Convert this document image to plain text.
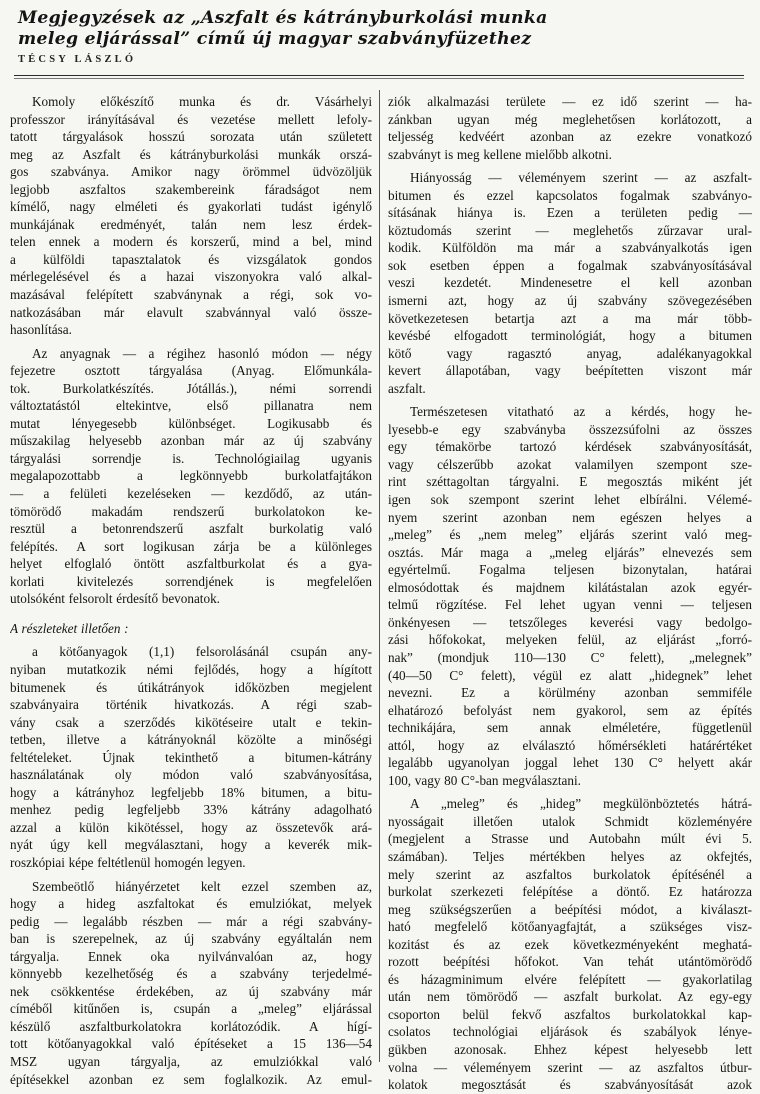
Megjegyzések az „Aszfalt és kátrányburkolási munka
meleg eljárással” című új magyar szabványfüzethez
TÉCSY LÁSZLÓ
Komoly előkészítő munka és dr. Vásárhelyi
professzor irányításával és vezetése mellett lefoly-
tatott tárgyalások hosszú sorozata után született
meg az Aszfalt és kátrányburkolási munkák orszá-
gos szabványa. Amikor nagy örömmel üdvözöljük
legjobb aszfaltos szakembereink fáradságot nem
kímélő, nagy elméleti és gyakorlati tudást igénylő
munkájának eredményét, talán nem lesz érdek-
telen ennek a modern és korszerű, mind a bel, mind
a külföldi tapasztalatok és vizsgálatok gondos
mérlegelésével és a hazai viszonyokra való alkal-
mazásával felépített szabványnak a régi, sok vo-
natkozásában már elavult szabvánnyal való össze-
hasonlítása.
Az anyagnak — a régihez hasonló módon — négy
fejezetre osztott tárgyalása (Anyag. Előmunkála-
tok. Burkolatkészítés. Jótállás.), némi sorrendi
változtatástól eltekintve, első pillanatra nem
mutat lényegesebb különbséget. Logikusabb és
műszakilag helyesebb azonban már az új szabvány
tárgyalási sorrendje is. Technológiailag ugyanis
megalapozottabb a legkönnyebb burkolatfajtákon
— a felületi kezeléseken — kezdődő, az után-
tömörödő makadám rendszerű burkolatokon ke-
resztül a betonrendszerű aszfalt burkolatig való
felépítés. A sort logikusan zárja be a különleges
helyet elfoglaló öntött aszfaltburkolat és a gya-
korlati kivitelezés sorrendjének is megfelelően
utolsóként felsorolt érdesítő bevonatok.
A részleteket illetően :
a kötőanyagok (1,1) felsorolásánál csupán any-
nyiban mutatkozik némi fejlődés, hogy a hígított
bitumenek és útikátrányok időközben megjelent
szabványaira történik hivatkozás. A régi szab-
vány csak a szerződés kikötéseire utalt e tekin-
tetben, illetve a kátrányoknál közölte a minőségi
feltételeket. Újnak tekinthető a bitumen-kátrány
használatának oly módon való szabványosítása,
hogy a kátrányhoz legfeljebb 18% bitumen, a bitu-
menhez pedig legfeljebb 33% kátrány adagolható
azzal a külön kikötéssel, hogy az összetevők ará-
nyát úgy kell megválasztani, hogy a keverék mik-
roszkópiai képe feltétlenül homogén legyen.
Szembeötlő hiányérzetet kelt ezzel szemben az,
hogy a hideg aszfaltokat és emulziókat, melyek
pedig — legalább részben — már a régi szabvány-
ban is szerepelnek, az új szabvány egyáltalán nem
tárgyalja. Ennek oka nyilvánvalóan az, hogy
könnyebb kezelhetőség és a szabvány terjedelmé-
nek csökkentése érdekében, az új szabvány már
címéből kitűnően is, csupán a „meleg” eljárással
készülő aszfaltburkolatokra korlátozódik. A hígí-
tott kötőanyagokkal való építéseket a 15 136—54
MSZ ugyan tárgyalja, az emulziókkal való
építésekkel azonban ez sem foglalkozik. Az emul-
ziók alkalmazási területe — ez idő szerint — ha-
zánkban ugyan még meglehetősen korlátozott, a
teljesség kedvéért azonban az ezekre vonatkozó
szabványt is meg kellene mielőbb alkotni.
Hiányosság — véleményem szerint — az aszfalt-
bitumen és ezzel kapcsolatos fogalmak szabványo-
sításának hiánya is. Ezen a területen pedig —
köztudomás szerint — meglehetős zűrzavar ural-
kodik. Külföldön ma már a szabványalkotás igen
sok esetben éppen a fogalmak szabványosításával
veszi kezdetét. Mindenesetre el kell azonban
ismerni azt, hogy az új szabvány szövegezésében
következetesen betartja azt a ma már több-
kevésbé elfogadott terminológiát, hogy a bitumen
kötő vagy ragasztó anyag, adalékanyagokkal
kevert állapotában, vagy beépítetten viszont már
aszfalt.
Természetesen vitatható az a kérdés, hogy he-
lyesebb-e egy szabványba összezsúfolni az összes
egy témakörbe tartozó kérdések szabványosítását,
vagy célszerűbb azokat valamilyen szempont sze-
rint széttagoltan tárgyalni. E megosztás miként jét
igen sok szempont szerint lehet elbírálni. Vélemé-
nyem szerint azonban nem egészen helyes a
„meleg” és „nem meleg” eljárás szerint való meg-
osztás. Már maga a „meleg eljárás” elnevezés sem
egyértelmű. Fogalma teljesen bizonytalan, határai
elmosódottak és majdnem kilátástalan azok egyér-
telmű rögzítése. Fel lehet ugyan venni — teljesen
önkényesen — tetszőleges keverési vagy bedolgo-
zási hőfokokat, melyeken felül, az eljárást „forró-
nak” (mondjuk 110—130 C° felett), „melegnek”
(40—50 C° felett), végül ez alatt „hidegnek” lehet
nevezni. Ez a körülmény azonban semmiféle
elhatározó befolyást nem gyakorol, sem az építés
technikájára, sem annak elméletére, függetlenül
attól, hogy az elválasztó hőmérsékleti határértéket
legalább ugyanolyan joggal lehet 130 C° helyett akár
100, vagy 80 C°-ban megválasztani.
A „meleg” és „hideg” megkülönböztetés hátrá-
nyosságait illetően utalok Schmidt közleményére
(megjelent a Strasse und Autobahn múlt évi 5.
számában). Teljes mértékben helyes az okfejtés,
mely szerint az aszfaltos burkolatok építésénél a
burkolat szerkezeti felépítése a döntő. Ez határozza
meg szükségszerűen a beépítési módot, a kiválaszt-
ható megfelelő kötőanyagfajtát, a szükséges visz-
kozitást és az ezek következményeként meghatá-
rozott beépítési hőfokot. Van tehát utántömörödő
és házagminimum elvére felépített — gyakorlatilag
után nem tömörödő — aszfalt burkolat. Az egy-egy
csoporton belül fekvő aszfaltos burkolatokkal kap-
csolatos technológiai eljárások és szabályok lénye-
gükben azonosak. Ehhez képest helyesebb lett
volna — véleményem szerint — az aszfaltos útbur-
kolatok megosztását és szabványosítását azok
